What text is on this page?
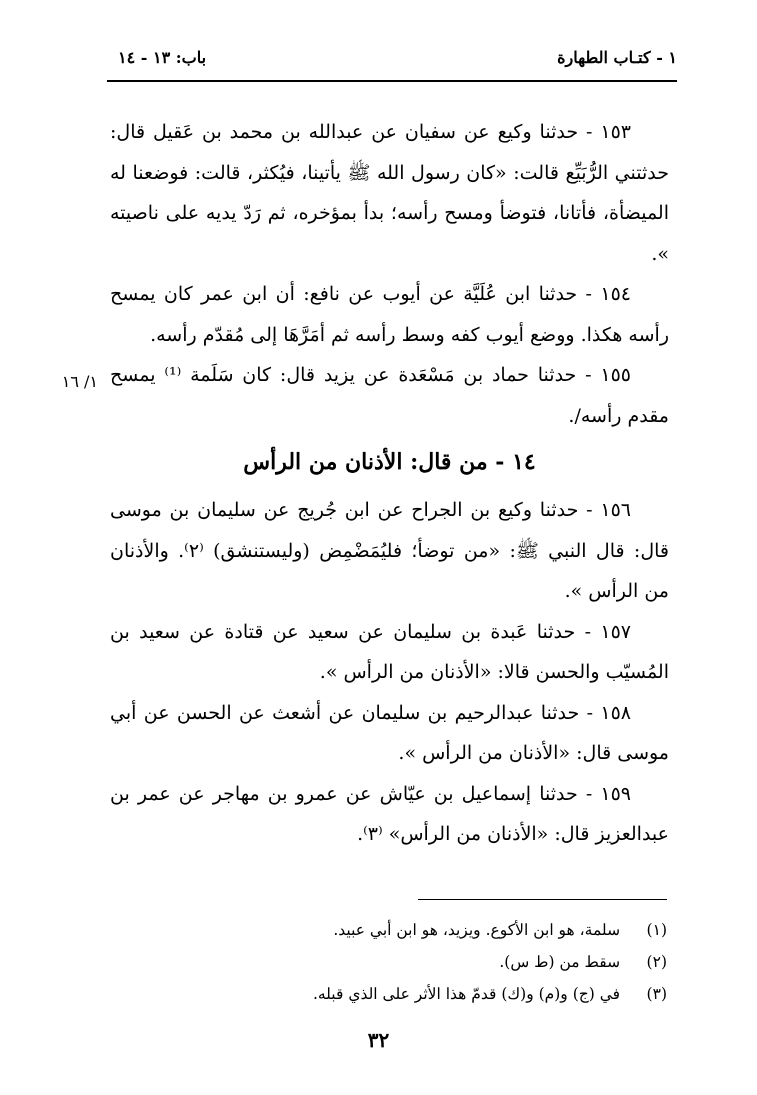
١ - كتـاب الطهارة
باب: ١٣ - ١٤
١/ ١٦

١٥٣ - حدثنا وكيع عن سفيان عن عبدالله بن محمد بن عَقيل قال: حدثتني الرُّبَيِّع قالت: «كان رسول الله ﷺ يأتينا، فيُكثر، قالت: فوضعنا له الميضأة، فأتانا، فتوضأ ومسح رأسه؛ بدأ بمؤخره، ثم رَدّ يديه على ناصيته ».

١٥٤ - حدثنا ابن عُلَيَّة عن أيوب عن نافع: أن ابن عمر كان يمسح رأسه هكذا. ووضع أيوب كفه وسط رأسه ثم أمَرَّهَا إلى مُقدّم رأسه.

١٥٥ - حدثنا حماد بن مَسْعَدة عن يزيد قال: كان سَلَمة ⁽¹⁾ يمسح مقدم رأسه/.

١٤ - من قال: الأذنان من الرأس

١٥٦ - حدثنا وكيع بن الجراح عن ابن جُريج عن سليمان بن موسى قال: قال النبي ﷺ: «من توضأ؛ فليُمَضْمِض (وليستنشق) ⁽٢⁾. والأذنان من الرأس ».

١٥٧ - حدثنا عَبدة بن سليمان عن سعيد عن قتادة عن سعيد بن المُسيّب والحسن قالا: «الأذنان من الرأس ».

١٥٨ - حدثنا عبدالرحيم بن سليمان عن أشعث عن الحسن عن أبي موسى قال: «الأذنان من الرأس ».

١٥٩ - حدثنا إسماعيل بن عيّاش عن عمرو بن مهاجر عن عمر بن عبدالعزيز قال: «الأذنان من الرأس» ⁽٣⁾.

(١) سلمة، هو ابن الأكوع. ويزيد، هو ابن أبي عبيد.

(٢) سقط من (ط س).

(٣) في (ج) و(م) و(ك) قدمّ هذا الأثر على الذي قبله.

٣٢
